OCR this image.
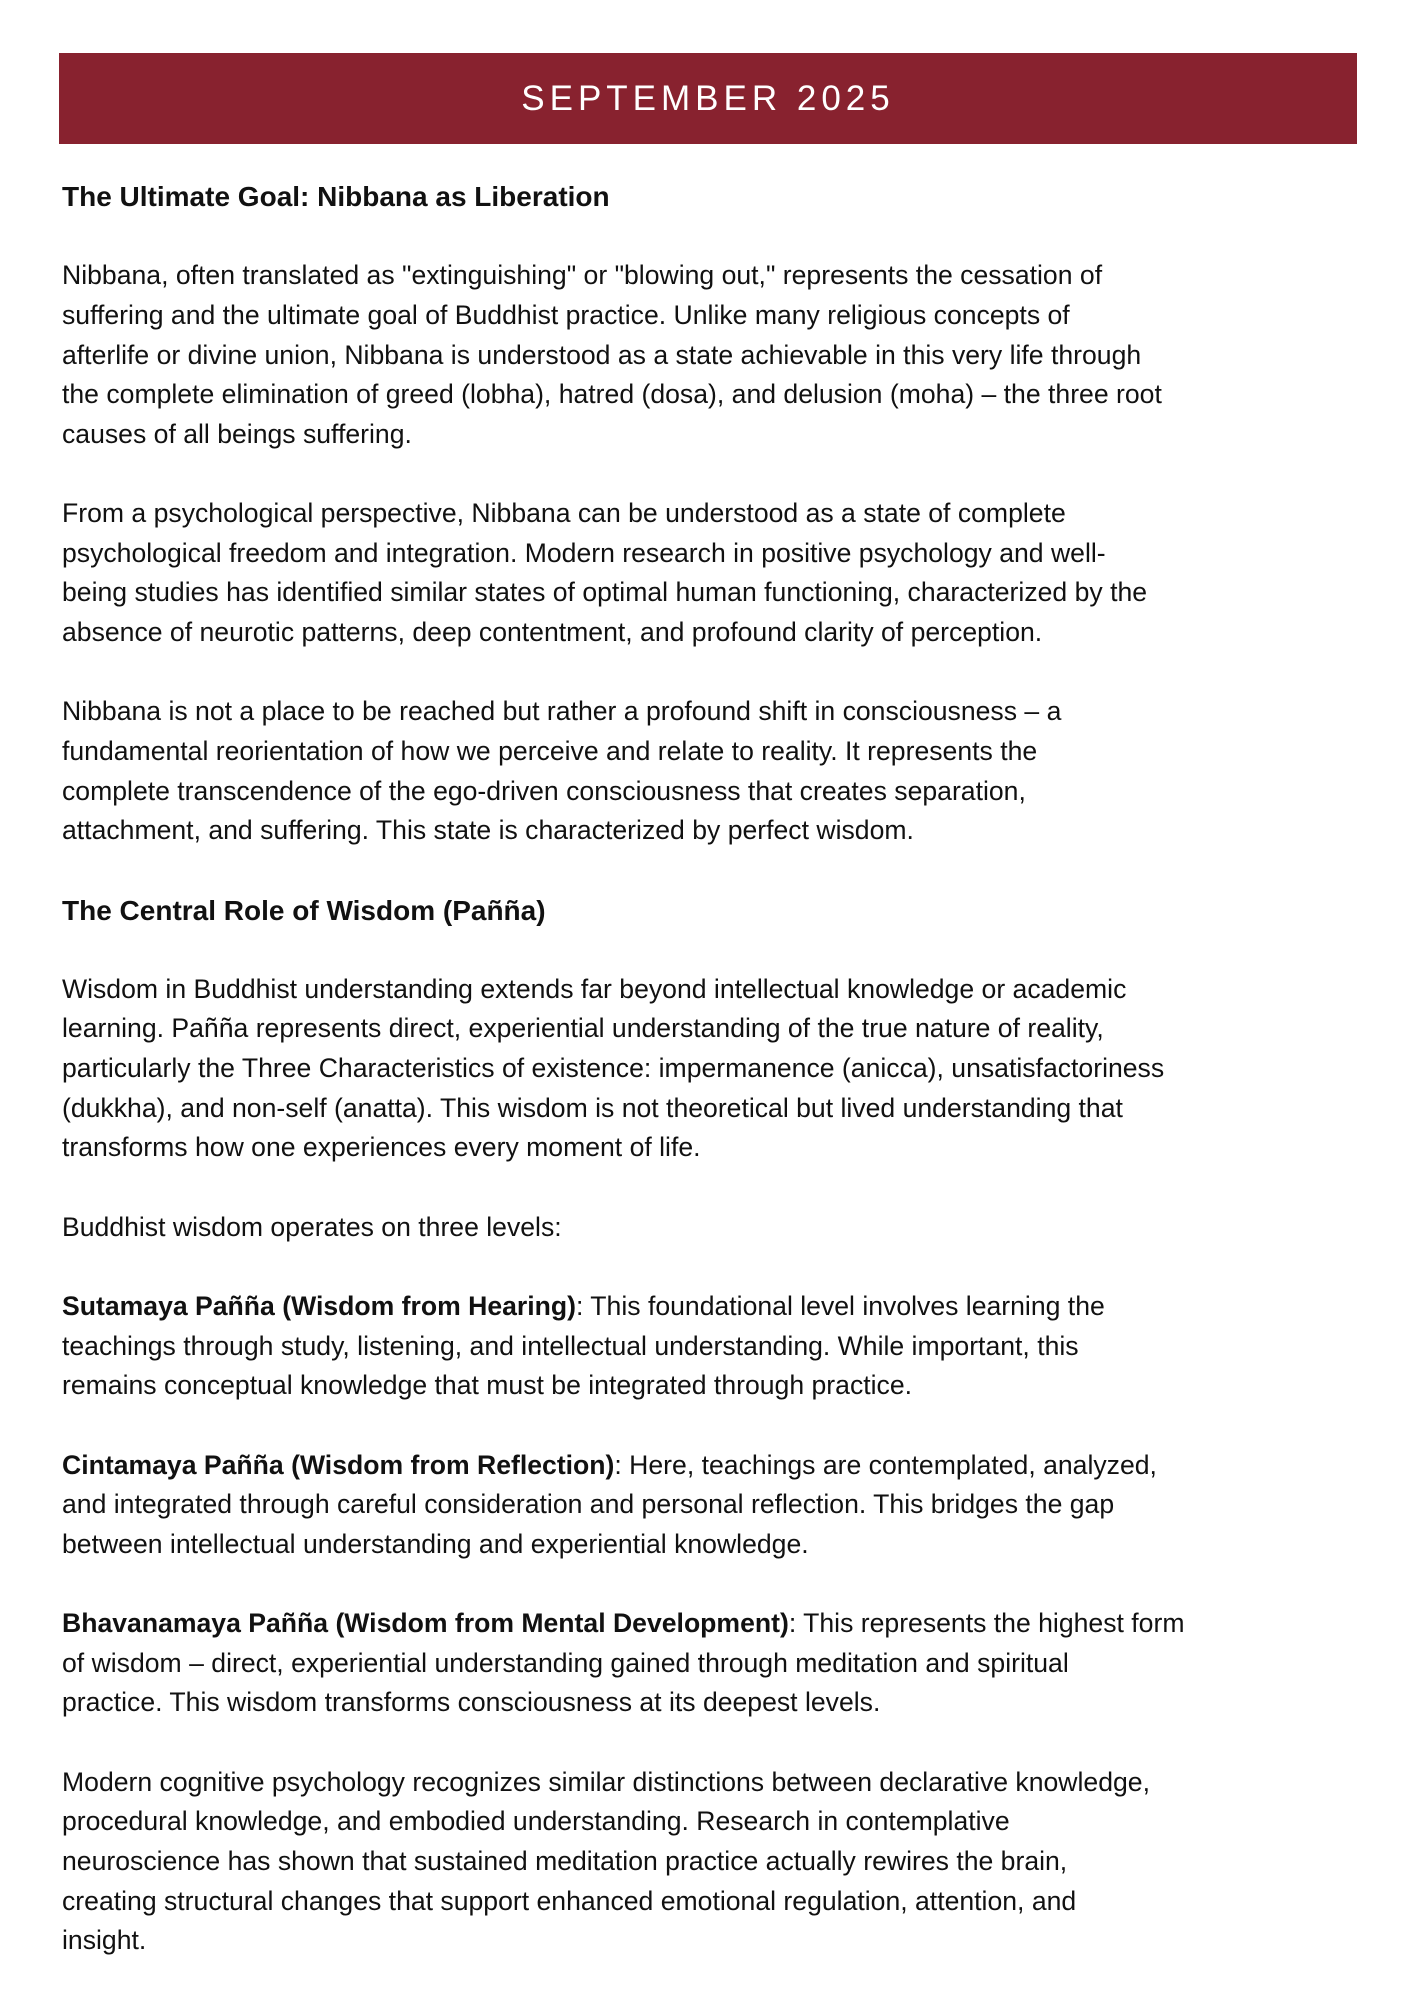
SEPTEMBER 2025
The Ultimate Goal: Nibbana as Liberation
Nibbana, often translated as "extinguishing" or "blowing out," represents the cessation of
suffering and the ultimate goal of Buddhist practice. Unlike many religious concepts of
afterlife or divine union, Nibbana is understood as a state achievable in this very life through
the complete elimination of greed (lobha), hatred (dosa), and delusion (moha) – the three root
causes of all beings suffering.
From a psychological perspective, Nibbana can be understood as a state of complete
psychological freedom and integration. Modern research in positive psychology and well-
being studies has identified similar states of optimal human functioning, characterized by the
absence of neurotic patterns, deep contentment, and profound clarity of perception.
Nibbana is not a place to be reached but rather a profound shift in consciousness – a
fundamental reorientation of how we perceive and relate to reality. It represents the
complete transcendence of the ego-driven consciousness that creates separation,
attachment, and suffering. This state is characterized by perfect wisdom.
The Central Role of Wisdom (Pañña)
Wisdom in Buddhist understanding extends far beyond intellectual knowledge or academic
learning. Pañña represents direct, experiential understanding of the true nature of reality,
particularly the Three Characteristics of existence: impermanence (anicca), unsatisfactoriness
(dukkha), and non-self (anatta). This wisdom is not theoretical but lived understanding that
transforms how one experiences every moment of life.
Buddhist wisdom operates on three levels:
Sutamaya Pañña (Wisdom from Hearing): This foundational level involves learning the
teachings through study, listening, and intellectual understanding. While important, this
remains conceptual knowledge that must be integrated through practice.
Cintamaya Pañña (Wisdom from Reflection): Here, teachings are contemplated, analyzed,
and integrated through careful consideration and personal reflection. This bridges the gap
between intellectual understanding and experiential knowledge.
Bhavanamaya Pañña (Wisdom from Mental Development): This represents the highest form
of wisdom – direct, experiential understanding gained through meditation and spiritual
practice. This wisdom transforms consciousness at its deepest levels.
Modern cognitive psychology recognizes similar distinctions between declarative knowledge,
procedural knowledge, and embodied understanding. Research in contemplative
neuroscience has shown that sustained meditation practice actually rewires the brain,
creating structural changes that support enhanced emotional regulation, attention, and
insight.
